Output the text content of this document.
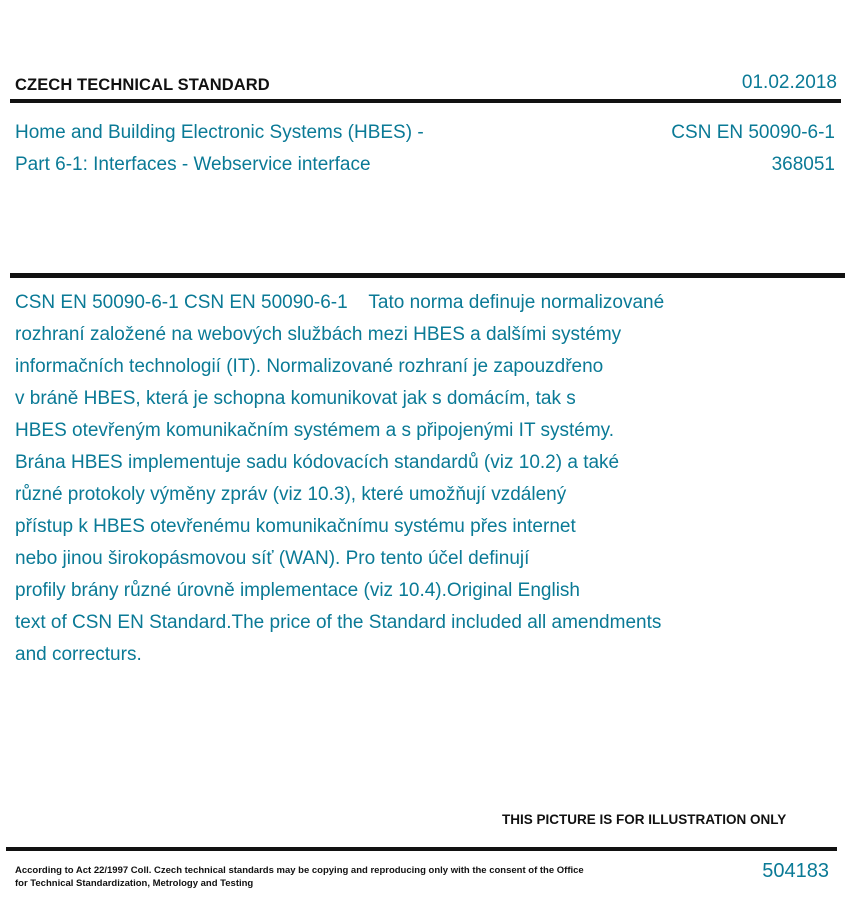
CZECH TECHNICAL STANDARD	01.02.2018
Home and Building Electronic Systems (HBES) -
Part 6-1: Interfaces - Webservice interface
CSN EN 50090-6-1
368051
CSN EN 50090-6-1 CSN EN 50090-6-1    Tato norma definuje normalizované
rozhraní založené na webových službách mezi HBES a dalšími systémy
informačních technologií (IT). Normalizované rozhraní je zapouzdřeno
v bráně HBES, která je schopna komunikovat jak s domácím, tak s
HBES otevřeným komunikačním systémem a s připojenými IT systémy.
Brána HBES implementuje sadu kódovacích standardů (viz 10.2) a také
různé protokoly výměny zpráv (viz 10.3), které umožňují vzdálený
přístup k HBES otevřenému komunikačnímu systému přes internet
nebo jinou širokopásmovou síť (WAN). Pro tento účel definují
profily brány různé úrovně implementace (viz 10.4).Original English
text of CSN EN Standard.The price of the Standard included all amendments
and correcturs.
THIS PICTURE IS FOR ILLUSTRATION ONLY
According to Act 22/1997 Coll. Czech technical standards may be copying and reproducing only with the consent of the Office
for Technical Standardization, Metrology and Testing
504183
